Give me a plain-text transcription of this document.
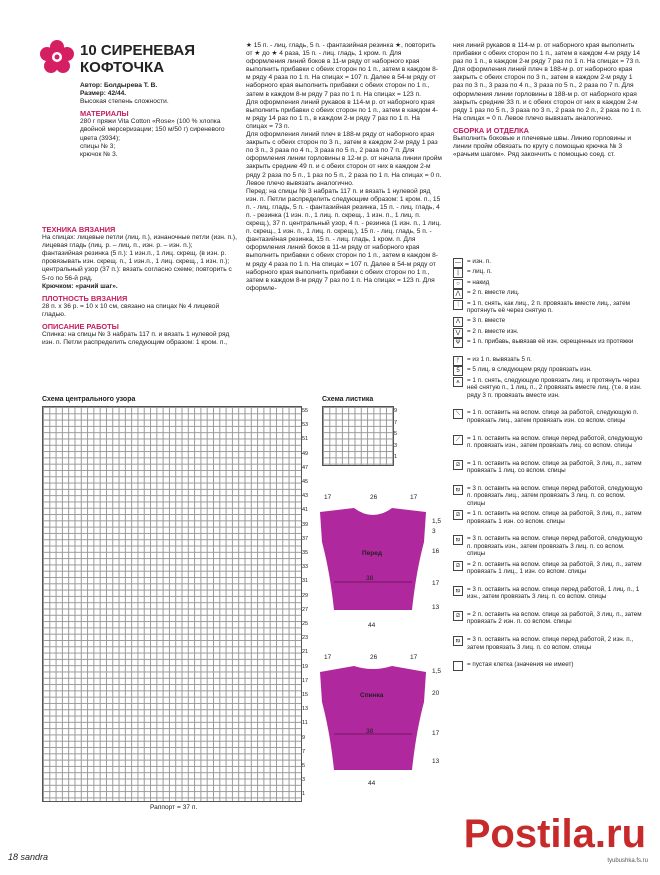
10 СИРЕНЕВАЯ
КОФТОЧКА

Автор: Болдырева Т. В.

Размер: 42/44.

Высокая степень сложности.

МАТЕРИАЛЫ

280 г пряжи Vita Cotton «Rose» (100 % хлопка двойной мерсеризации; 150 м/50 г) сиреневого цвета (3934);

спицы № 3;

крючок № 3.

ТЕХНИКА ВЯЗАНИЯ

На спицах: лицевые петли (лиц. п.), изнаночные петли (изн. п.), лицевая гладь (лиц. р. – лиц. п., изн. р. – изн. п.);

фантазийная резинка (5 п.): 1 изн.п., 1 лиц. скрещ. (в изн. р. провязывать изн. скрещ. п., 1 изн.п., 1 лиц. скрещ., 1 изн. п.);

центральный узор (37 п.): вязать согласно схеме; повторить с 5-го по 56-й ряд.

Крючком: «рачий шаг».

ПЛОТНОСТЬ ВЯЗАНИЯ

28 п. х 36 р. = 10 х 10 см, связано на спицах № 4 лицевой гладью.

ОПИСАНИЕ РАБОТЫ

Спинка: на спицы № 3 набрать 117 п. и вязать 1 нулевой ряд изн. п. Петли распределить следующим образом: 1 кром. п.,

★ 15 п. - лиц. гладь, 5 п. - фантазийная резинка ★, повторить от ★ до ★ 4 раза, 15 п. - лиц. гладь, 1 кром. п. Для оформления линий боков в 11-м ряду от наборного края выполнить прибавки с обеих сторон по 1 п., затем в каждом 8-м ряду 4 раза по 1 п. На спицах = 107 п. Далее в 54-м ряду от наборного края выполнить прибавки с обеих сторон по 1 п., затем в каждом 8-м ряду 7 раз по 1 п. На спицах = 123 п.

Для оформления линий рукавов в 114-м р. от наборного края выполнить прибавки с обеих сторон по 1 п., затем в каждом 4-м ряду 14 раз по 1 п., в каждом 2-м ряду 7 раз по 1 п. На спицах = 73 п.

Для оформления линий плеч в 188-м ряду от наборного края закрыть с обеих сторон по 3 п., затем в каждом 2-м ряду 1 раз по 3 п., 3 раза по 4 п., 3 раза по 5 п., 2 раза по 7 п. Для оформления линии горловины в 12-м р. от начала линии пройм закрыть средние 49 п. и с обеих сторон от них в каждом 2-м ряду 2 раза по 5 п., 1 раз по 5 п., 2 раза по 1 п. На спицах = 0 п. Левое плечо вывязать аналогично.

Перед: на спицы № 3 набрать 117 п. и вязать 1 нулевой ряд изн. п. Петли распределить следующим образом: 1 кром. п., 15 п. - лиц. гладь, 5 п. - фантазийная резинка, 15 п. - лиц. гладь, 4 п. - резинка (1 изн. п., 1 лиц. п. скрещ., 1 изн. п., 1 лиц. п. скрещ.), 37 п. центральный узор, 4 п. - резинка (1 изн. п., 1 лиц. п. скрещ., 1 изн. п., 1 лиц. п. скрещ.), 15 п. - лиц. гладь, 5 п. - фантазийная резинка, 15 п. - лиц. гладь, 1 кром. п. Для оформления линий боков в 11-м ряду от наборного края выполнить прибавки с обеих сторон по 1 п., затем в каждом 8-м ряду 4 раза по 1 п. На спицах = 107 п. Далее в 54-м ряду от наборного края выполнить прибавки с обеих сторон по 1 п., затем в каждом 8-м ряду 7 раз по 1 п. На спицах = 123 п. Для оформле-

ния линий рукавов в 114-м р. от наборного края выполнить прибавки с обеих сторон по 1 п., затем в каждом 4-м ряду 14 раз по 1 п., в каждом 2-м ряду 7 раз по 1 п. На спицах = 73 п. Для оформления линий плеч в 188-м р. от наборного края закрыть с обеих сторон по 3 п., затем в каждом 2-м ряду 1 раз по 3 п., 3 раза по 4 п., 3 раза по 5 п., 2 раза по 7 п. Для оформления линии горловины в 188-м р. от наборного края закрыть средние 33 п. и с обеих сторон от них в каждом 2-м ряду 1 раз по 5 п., 3 раза по 3 п., 2 раза по 2 п., 2 раза по 1 п. На спицах = 0 п. Левое плечо вывязать аналогично.

СБОРКА И ОТДЕЛКА

Выполнить боковые и плечевые швы. Линию горловины и линии пройм обвязать по кругу с помощью крючка № 3 «рачьим шагом». Ряд закончить с помощью соед. ст.

— = изн. п.
|	= лиц. п.
○	= накид
⋀	= 2 п. вместе лиц.
ᛁ	= 1 п. снять, как лиц., 2 п. провязать вместе лиц., затем протянуть её через снятую п.
Λ	= 3 п. вместе
⋁	= 2 п. вместе изн.
Ψ	= 1 п. прибавь, вывязав её изн. скрещенных из протяжки
ᚠ	= из 1 п. вывязать 5 п.
5	= 5 лиц. в следующем ряду провязать изн.
⩚	= 1 п. снять, следующую провязать лиц. и протянуть через неё снятую п., 1 лиц. п., 2 провязать вместе лиц. (т.е. в изн. ряду 3 п. провязать вместе изн.
⟍	= 1 п. оставить на вспом. спице за работой, следующую п. провязать лиц., затем провязать изн. со вспом. спицы
⟋	= 1 п. оставить на вспом. спице перед работой, следующую п. провязать изн., затем провязать лиц. со вспом. спицы
⧄	= 1 п. оставить на вспом. спице за работой, 3 лиц. п., затем провязать 1 лиц. со вспом. спицы
⧅	= 3 п. оставить на вспом. спице перед работой, следующую п. провязать лиц., затем провязать 3 лиц. п. со вспом. спицы
⧄	= 1 п. оставить на вспом. спице за работой, 3 лиц. п., затем провязать 1 изн. со вспом. спицы
⧅	= 3 п. оставить на вспом. спице перед работой, следующую п. провязать изн., затем провязать 3 лиц. п. со вспом. спицы
⧄	= 2 п. оставить на вспом. спице за работой, 3 лиц. п., затем провязать 1 лиц., 1 изн. со вспом. спицы
⧅	= 3 п. оставить на вспом. спице перед работой, 1 лиц. п., 1 изн., затем провязать 3 лиц. п. со вспом. спицы
⧄	= 2 п. оставить на вспом. спице за работой, 3 лиц. п., затем провязать 2 изн. п. со вспом. спицы
⧅	= 3 п. оставить на вспом. спице перед работой, 2 изн. п., затем провязать 3 лиц. п. со вспом. спицы
= пустая клетка (значения не имеет)
Схема центрального узора
55
53
51
49
47
45
43
41
39
37
35
33
31
29
27
25
23
21
19
17
15
13
11
9
7
5
3
1
Раппорт = 37 п.
Схема листика
9
7
5
3
1
Перед
17	26	17
38
44
1,5
3
16
17
13
Спинка
17	26	17
38
44
1,5
20
17
13
18 sandra
Postila.ru
tyubushka.fs.ru
